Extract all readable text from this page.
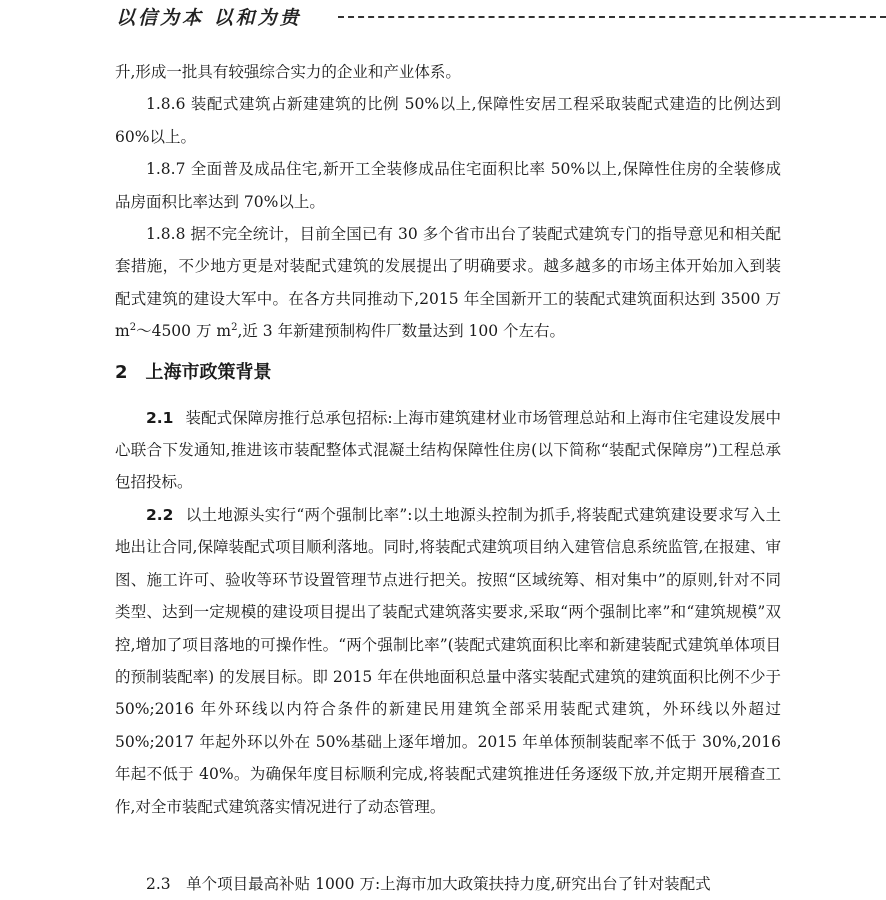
以信为本 以和为贵

升,形成一批具有较强综合实力的企业和产业体系。

1.8.6 装配式建筑占新建建筑的比例 50%以上,保障性安居工程采取装配式建造的比例达到 60%以上。

1.8.7 全面普及成品住宅,新开工全装修成品住宅面积比率 50%以上,保障性住房的全装修成品房面积比率达到 70%以上。

1.8.8 据不完全统计，目前全国已有 30 多个省市出台了装配式建筑专门的指导意见和相关配套措施，不少地方更是对装配式建筑的发展提出了明确要求。越多越多的市场主体开始加入到装配式建筑的建设大军中。在各方共同推动下,2015 年全国新开工的装配式建筑面积达到 3500 万 $m^2\sim 4500$ 万 $m^2$,近 3 年新建预制构件厂数量达到 100 个左右。

2 上海市政策背景

2.1 装配式保障房推行总承包招标:上海市建筑建材业市场管理总站和上海市住宅建设发展中心联合下发通知,推进该市装配整体式混凝土结构保障性住房(以下简称“装配式保障房”)工程总承包招投标。

2.2 以土地源头实行“两个强制比率”:以土地源头控制为抓手,将装配式建筑建设要求写入土地出让合同,保障装配式项目顺利落地。同时,将装配式建筑项目纳入建管信息系统监管,在报建、审图、施工许可、验收等环节设置管理节点进行把关。按照“区域统筹、相对集中”的原则,针对不同类型、达到一定规模的建设项目提出了装配式建筑落实要求,采取“两个强制比率”和“建筑规模”双控,增加了项目落地的可操作性。“两个强制比率”(装配式建筑面积比率和新建装配式建筑单体项目的预制装配率) 的发展目标。即 2015 年在供地面积总量中落实装配式建筑的建筑面积比例不少于 50%;2016 年外环线以内符合条件的新建民用建筑全部采用装配式建筑，外环线以外超过 50%;2017 年起外环以外在 50%基础上逐年增加。2015 年单体预制装配率不低于 30%,2016 年起不低于 40%。为确保年度目标顺利完成,将装配式建筑推进任务逐级下放,并定期开展稽查工作,对全市装配式建筑落实情况进行了动态管理。

2.3　单个项目最高补贴 1000 万:上海市加大政策扶持力度,研究出台了针对装配式
